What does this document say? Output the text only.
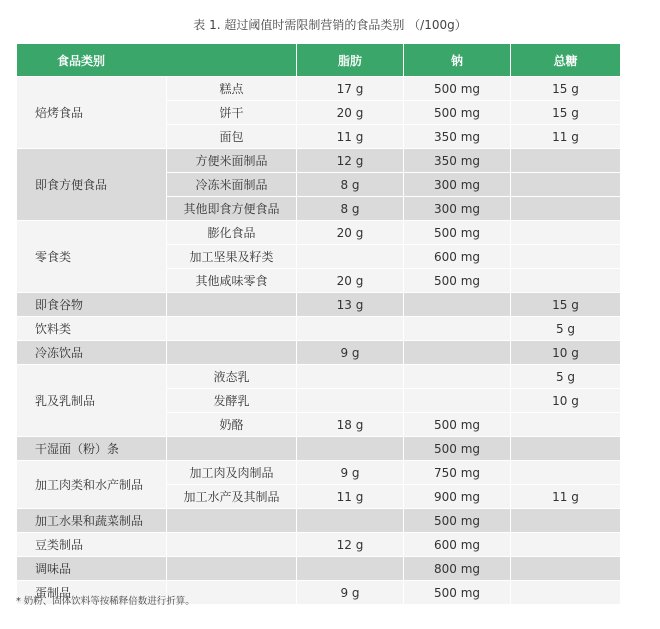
表 1. 超过阈值时需限制营销的食品类别 （/100g）
食品类别		脂肪	钠	总糖
焙烤食品	糕点	17 g	500 mg	15 g
	饼干	20 g	500 mg	15 g
	面包	11 g	350 mg	11 g
即食方便食品	方便米面制品	12 g	350 mg	
	冷冻米面制品	8 g	300 mg	
	其他即食方便食品	8 g	300 mg	
零食类	膨化食品	20 g	500 mg	
	加工坚果及籽类		600 mg	
	其他咸味零食	20 g	500 mg	
即食谷物		13 g		15 g
饮料类				5 g
冷冻饮品		9 g		10 g
乳及乳制品	液态乳			5 g
	发酵乳			10 g
	奶酪	18 g	500 mg	
干湿面（粉）条			500 mg	
加工肉类和水产制品	加工肉及肉制品	9 g	750 mg	
	加工水产及其制品	11 g	900 mg	11 g
加工水果和蔬菜制品			500 mg	
豆类制品		12 g	600 mg	
调味品			800 mg	
蛋制品		9 g	500 mg	
* 奶粉、固体饮料等按稀释倍数进行折算。
